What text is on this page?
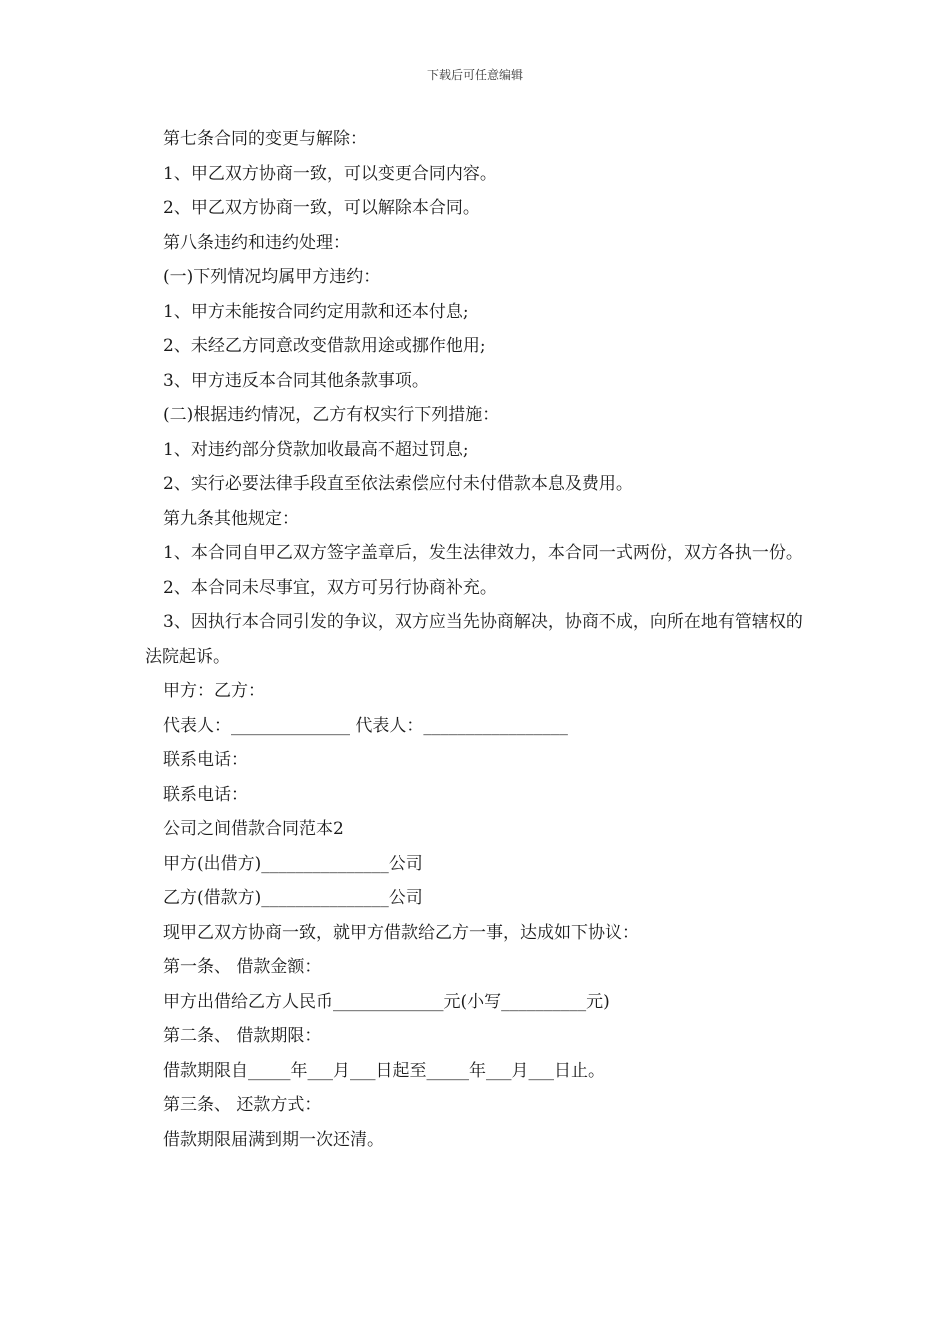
下载后可任意编辑
第七条合同的变更与解除：
1、甲乙双方协商一致，可以变更合同内容。
2、甲乙双方协商一致，可以解除本合同。
第八条违约和违约处理：
(一)下列情况均属甲方违约：
1、甲方未能按合同约定用款和还本付息;
2、未经乙方同意改变借款用途或挪作他用;
3、甲方违反本合同其他条款事项。
(二)根据违约情况，乙方有权实行下列措施：
1、对违约部分贷款加收最高不超过罚息;
2、实行必要法律手段直至依法索偿应付未付借款本息及费用。
第九条其他规定：
1、本合同自甲乙双方签字盖章后，发生法律效力，本合同一式两份，双方各执一份。
2、本合同未尽事宜，双方可另行协商补充。
3、因执行本合同引发的争议，双方应当先协商解决，协商不成，向所在地有管辖权的法院起诉。
甲方：乙方：
代表人：______________ 代表人：_________________
联系电话：
联系电话：
公司之间借款合同范本2
甲方(出借方)_______________公司
乙方(借款方)_______________公司
现甲乙双方协商一致，就甲方借款给乙方一事，达成如下协议：
第一条、 借款金额：
甲方出借给乙方人民币_____________元(小写__________元)
第二条、 借款期限：
借款期限自_____年___月___日起至_____年___月___日止。
第三条、 还款方式：
借款期限届满到期一次还清。
